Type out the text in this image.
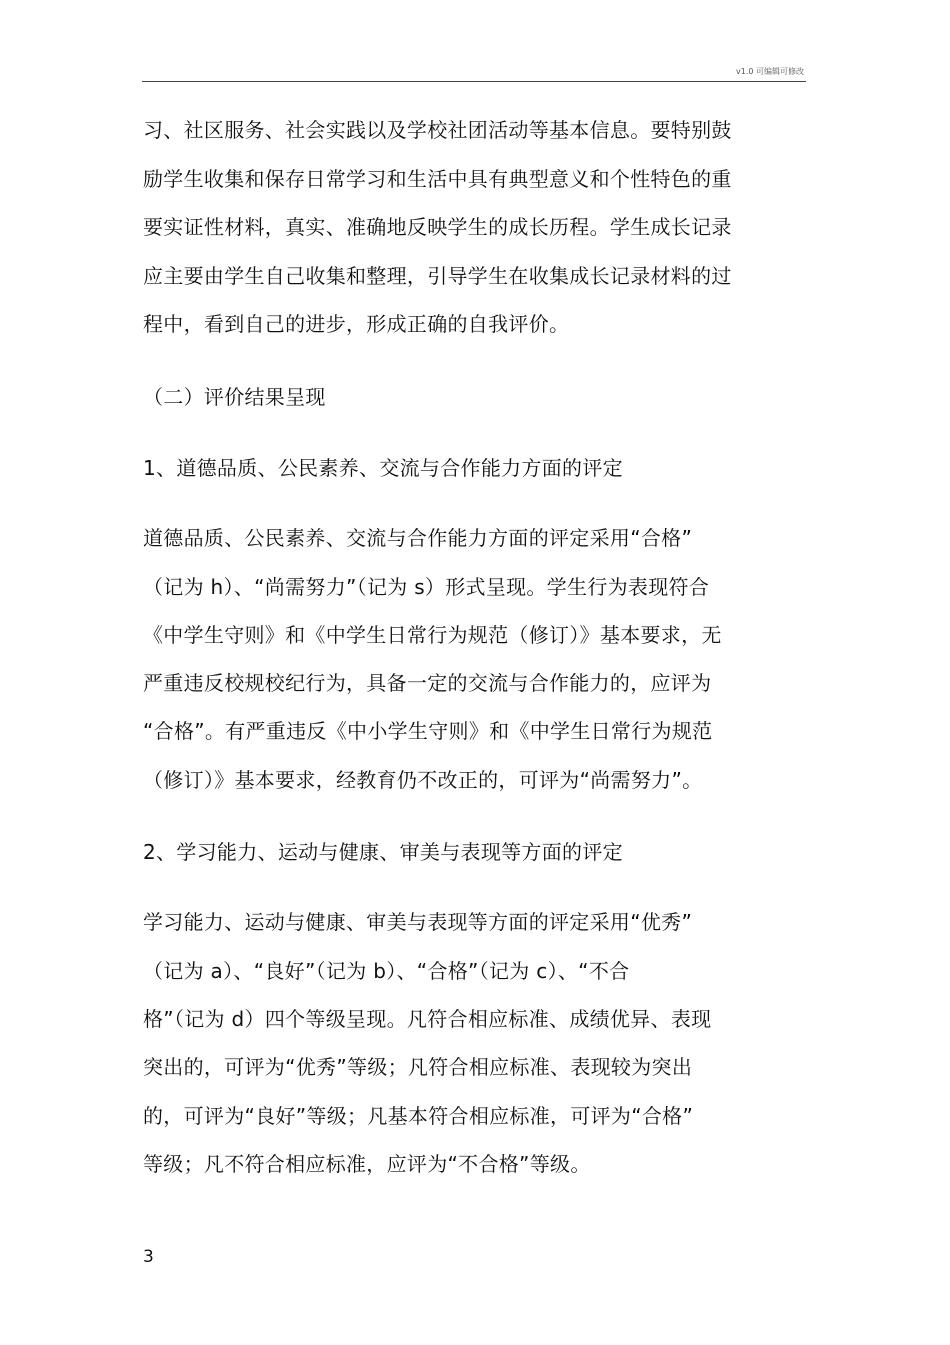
v1.0 可编辑可修改
习、社区服务、社会实践以及学校社团活动等基本信息。要特别鼓
励学生收集和保存日常学习和生活中具有典型意义和个性特色的重
要实证性材料，真实、准确地反映学生的成长历程。学生成长记录
应主要由学生自己收集和整理，引导学生在收集成长记录材料的过
程中，看到自己的进步，形成正确的自我评价。
（二）评价结果呈现
1、道德品质、公民素养、交流与合作能力方面的评定
道德品质、公民素养、交流与合作能力方面的评定采用“合格”
（记为 h）、“尚需努力”（记为 s）形式呈现。学生行为表现符合
《中学生守则》和《中学生日常行为规范（修订）》基本要求，无
严重违反校规校纪行为，具备一定的交流与合作能力的，应评为
“合格”。有严重违反《中小学生守则》和《中学生日常行为规范
（修订）》基本要求，经教育仍不改正的，可评为“尚需努力”。
2、学习能力、运动与健康、审美与表现等方面的评定
学习能力、运动与健康、审美与表现等方面的评定采用“优秀”
（记为 a）、“良好”（记为 b）、“合格”（记为 c）、“不合
格”（记为 d）四个等级呈现。凡符合相应标准、成绩优异、表现
突出的，可评为“优秀”等级；凡符合相应标准、表现较为突出
的，可评为“良好”等级；凡基本符合相应标准，可评为“合格”
等级；凡不符合相应标准，应评为“不合格”等级。
3
